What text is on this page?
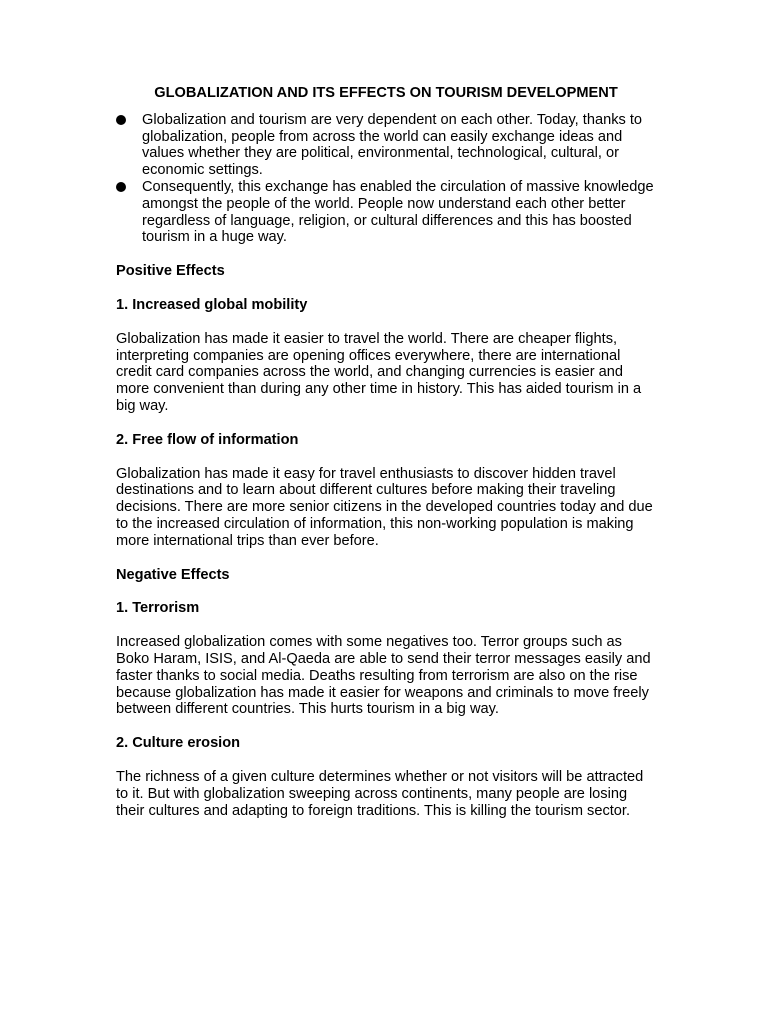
GLOBALIZATION AND ITS EFFECTS ON TOURISM DEVELOPMENT
Globalization and tourism are very dependent on each other. Today, thanks to globalization, people from across the world can easily exchange ideas and values whether they are political, environmental, technological, cultural, or economic settings.
Consequently, this exchange has enabled the circulation of massive knowledge amongst the people of the world. People now understand each other better regardless of language, religion, or cultural differences and this has boosted tourism in a huge way.
Positive Effects
1. Increased global mobility
Globalization has made it easier to travel the world. There are cheaper flights, interpreting companies are opening offices everywhere, there are international credit card companies across the world, and changing currencies is easier and more convenient than during any other time in history. This has aided tourism in a big way.
2. Free flow of information
Globalization has made it easy for travel enthusiasts to discover hidden travel destinations and to learn about different cultures before making their traveling decisions. There are more senior citizens in the developed countries today and due to the increased circulation of information, this non-working population is making more international trips than ever before.
Negative Effects
1. Terrorism
Increased globalization comes with some negatives too. Terror groups such as Boko Haram, ISIS, and Al-Qaeda are able to send their terror messages easily and faster thanks to social media. Deaths resulting from terrorism are also on the rise because globalization has made it easier for weapons and criminals to move freely between different countries. This hurts tourism in a big way.
2. Culture erosion
The richness of a given culture determines whether or not visitors will be attracted to it. But with globalization sweeping across continents, many people are losing their cultures and adapting to foreign traditions. This is killing the tourism sector.
